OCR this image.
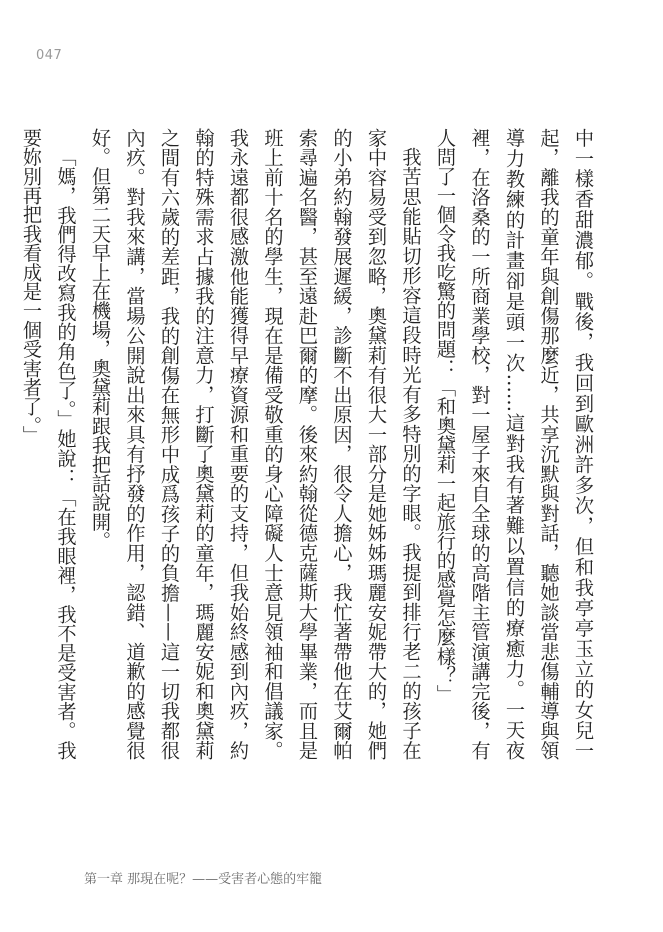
047

中一樣香甜濃郁。戰後，我回到歐洲許多次，但和我亭亭玉立的女兒一起，離我的童年與創傷那麼近，共享沉默與對話，聽她談當悲傷輔導與領導力教練的計畫卻是頭一次……這對我有著難以置信的療癒力。一天夜裡，在洛桑的一所商業學校，對一屋子來自全球的高階主管演講完後，有人問了一個令我吃驚的問題：「和奧黛莉一起旅行的感覺怎麼樣？」

我苦思能貼切形容這段時光有多特別的字眼。我提到排行老二的孩子在家中容易受到忽略，奧黛莉有很大一部分是她姊姊瑪麗安妮帶大的，她們的小弟約翰發展遲緩，診斷不出原因，很令人擔心，我忙著帶他在艾爾帕索尋遍名醫，甚至遠赴巴爾的摩。後來約翰從德克薩斯大學畢業，而且是班上前十名的學生，現在是備受敬重的身心障礙人士意見領袖和倡議家。我永遠都很感激他能獲得早療資源和重要的支持，但我始終感到內疚，約翰的特殊需求占據我的注意力，打斷了奧黛莉的童年，瑪麗安妮和奧黛莉之間有六歲的差距，我的創傷在無形中成爲孩子的負擔——這一切我都很內疚。對我來講，當場公開說出來具有抒發的作用，認錯、道歉的感覺很好。但第二天早上在機場，奧黛莉跟我把話說開。

「媽，我們得改寫我的角色了。」她說：「在我眼裡，我不是受害者。我要妳別再把我看成是一個受害者了。」

第一章 那現在呢？——受害者心態的牢籠
